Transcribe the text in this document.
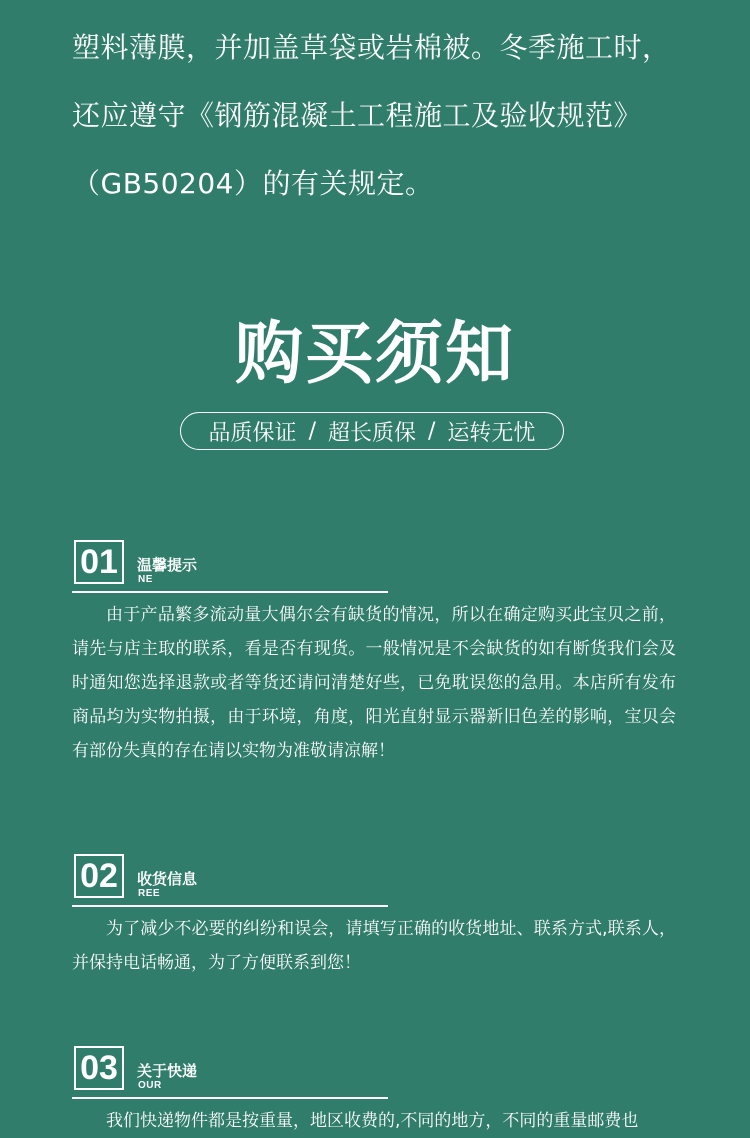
塑料薄膜，并加盖草袋或岩棉被。冬季施工时，
还应遵守《钢筋混凝土工程施工及验收规范》
（GB50204）的有关规定。
购买须知
品质保证 / 超长质保 / 运转无忧
01	温馨提示
NE
由于产品繁多流动量大偶尔会有缺货的情况，所以在确定购买此宝贝之前，请先与店主取的联系，看是否有现货。一般情况是不会缺货的如有断货我们会及时通知您选择退款或者等货还请问清楚好些，已免耽误您的急用。本店所有发布商品均为实物拍摄，由于环境，角度，阳光直射显示器新旧色差的影响，宝贝会有部份失真的存在请以实物为准敬请凉解！
02	收货信息
REE
为了减少不必要的纠纷和误会，请填写正确的收货地址、联系方式,联系人，并保持电话畅通，为了方便联系到您！
03	关于快递
OUR
我们快递物件都是按重量，地区收费的,不同的地方，不同的重量邮费也
